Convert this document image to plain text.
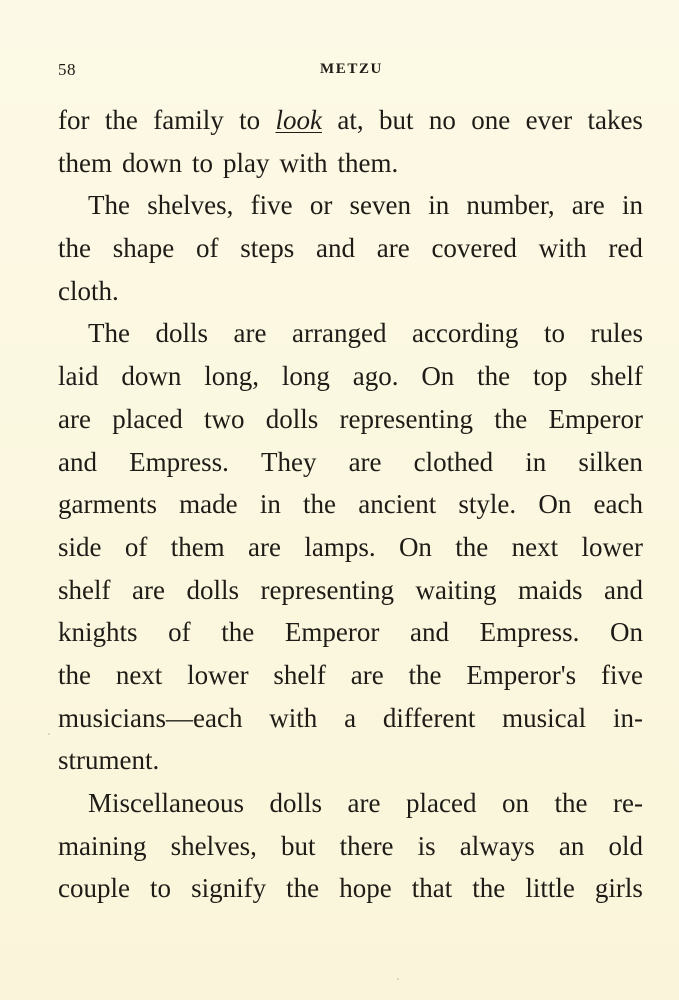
58	METZU
for the family to look at, but no one ever takes
them down to play with them.
The shelves, five or seven in number, are in
the shape of steps and are covered with red
cloth.
The dolls are arranged according to rules
laid down long, long ago. On the top shelf
are placed two dolls representing the Emperor
and Empress. They are clothed in silken
garments made in the ancient style. On each
side of them are lamps. On the next lower
shelf are dolls representing waiting maids and
knights of the Emperor and Empress. On
the next lower shelf are the Emperor's five
musicians—each with a different musical in-
strument.
Miscellaneous dolls are placed on the re-
maining shelves, but there is always an old
couple to signify the hope that the little girls
